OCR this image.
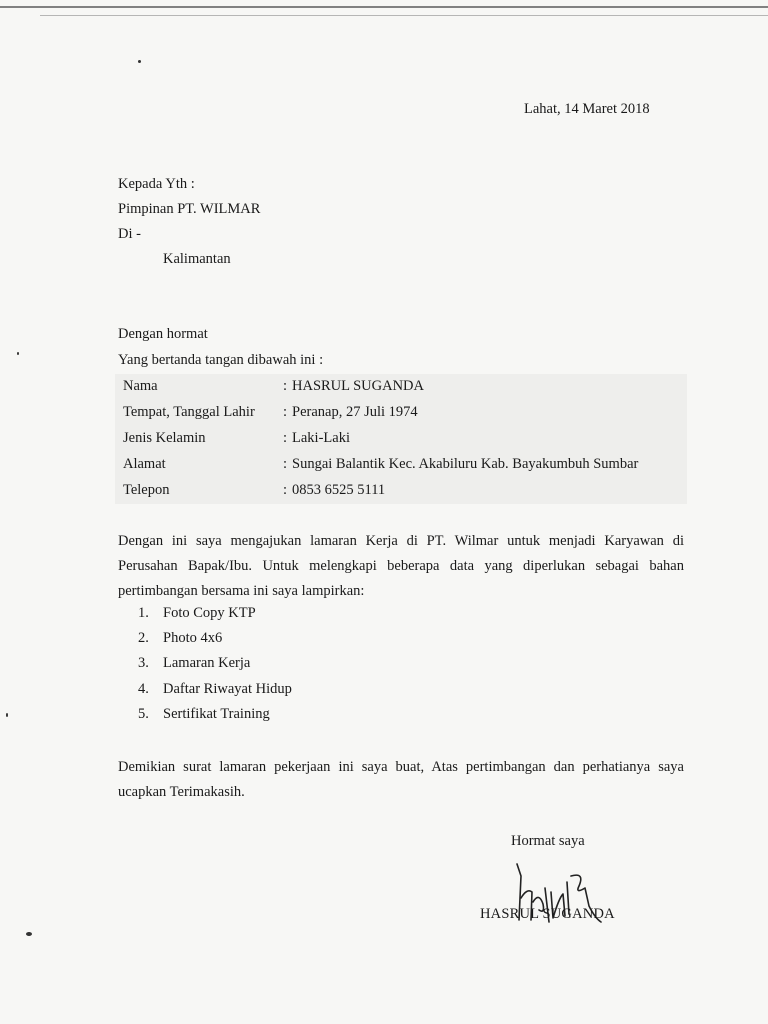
Lahat, 14 Maret 2018

Kepada Yth :

Pimpinan PT. WILMAR

Di -

Kalimantan

Dengan hormat

Yang bertanda tangan dibawah ini :

Nama	: HASRUL SUGANDA
Tempat, Tanggal Lahir : Peranap, 27 Juli 1974
Jenis Kelamin	: Laki-Laki
Alamat	: Sungai Balantik Kec. Akabiluru Kab. Bayakumbuh Sumbar
Telepon	: 0853 6525 5111
Dengan ini saya mengajukan lamaran Kerja di PT. Wilmar untuk menjadi Karyawan di
Perusahan Bapak/Ibu. Untuk melengkapi beberapa data yang diperlukan sebagai bahan
pertimbangan bersama ini saya lampirkan:
1. Foto Copy KTP
2. Photo 4x6
3. Lamaran Kerja
4. Daftar Riwayat Hidup
5. Sertifikat Training
Demikian surat lamaran pekerjaan ini saya buat, Atas pertimbangan dan perhatianya saya
ucapkan Terimakasih.

Hormat saya

HASRUL SUGANDA
